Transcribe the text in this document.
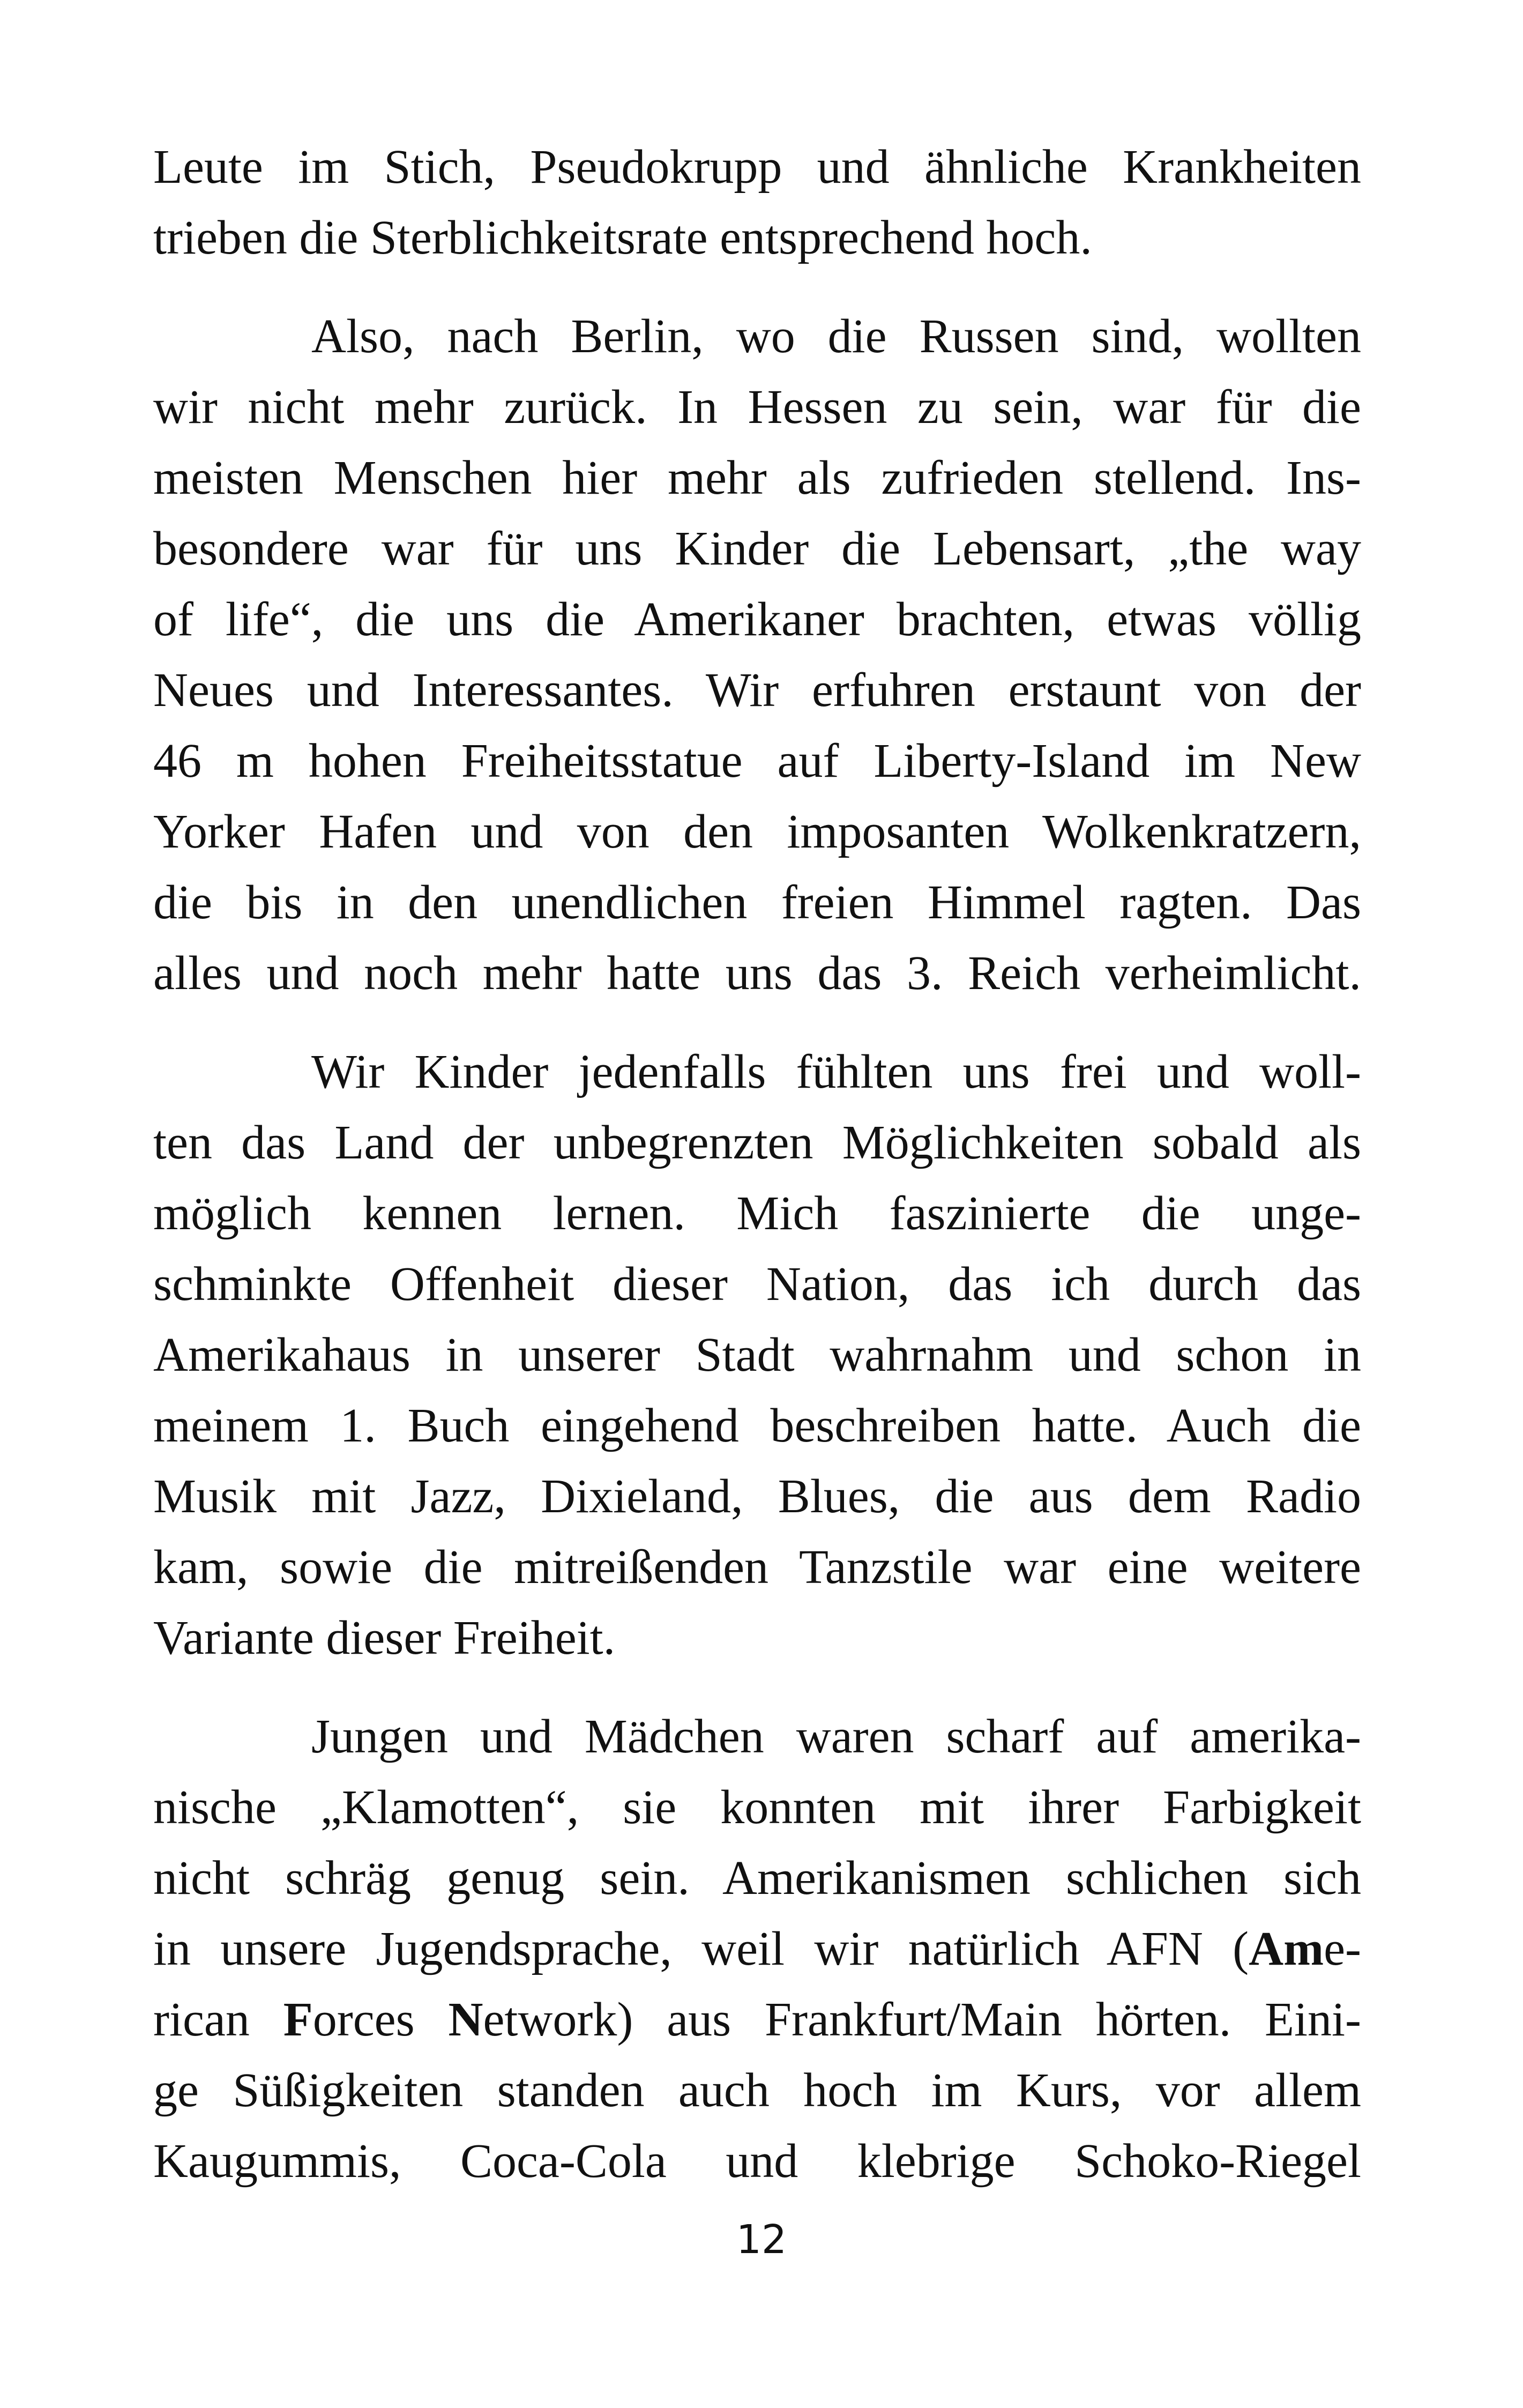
Leute im Stich, Pseudokrupp und ähnliche Krankheiten
trieben die Sterblichkeitsrate entsprechend hoch.
Also, nach Berlin, wo die Russen sind, wollten
wir nicht mehr zurück. In Hessen zu sein, war für die
meisten Menschen hier mehr als zufrieden stellend. Ins-
besondere war für uns Kinder die Lebensart, „the way
of life“, die uns die Amerikaner brachten, etwas völlig
Neues und Interessantes. Wir erfuhren erstaunt von der
46 m hohen Freiheitsstatue auf Liberty-Island im New
Yorker Hafen und von den imposanten Wolkenkratzern,
die bis in den unendlichen freien Himmel ragten. Das
alles und noch mehr hatte uns das 3. Reich verheimlicht.
Wir Kinder jedenfalls fühlten uns frei und woll-
ten das Land der unbegrenzten Möglichkeiten sobald als
möglich kennen lernen. Mich faszinierte die unge-
schminkte Offenheit dieser Nation, das ich durch das
Amerikahaus in unserer Stadt wahrnahm und schon in
meinem 1. Buch eingehend beschreiben hatte. Auch die
Musik mit Jazz, Dixieland, Blues, die aus dem Radio
kam, sowie die mitreißenden Tanzstile war eine weitere
Variante dieser Freiheit.
Jungen und Mädchen waren scharf auf amerika-
nische „Klamotten“, sie konnten mit ihrer Farbigkeit
nicht schräg genug sein. Amerikanismen schlichen sich
in unsere Jugendsprache, weil wir natürlich AFN (Ame-
rican Forces Network) aus Frankfurt/Main hörten. Eini-
ge Süßigkeiten standen auch hoch im Kurs, vor allem
Kaugummis, Coca-Cola und klebrige Schoko-Riegel
12
